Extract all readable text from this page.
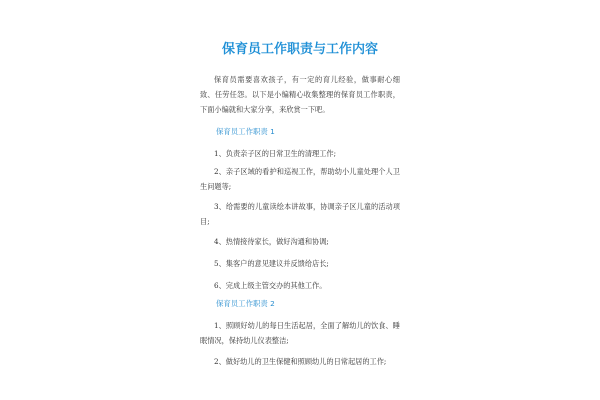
保育员工作职责与工作内容

保育员需要喜欢孩子，有一定的育儿经验，做事耐心细致、任劳任怨。以下是小编精心收集整理的保育员工作职责，下面小编就和大家分享，来欣赏一下吧。

保育员工作职责 1

1、负责亲子区的日常卫生的清理工作;

2、亲子区域的看护和巡视工作，帮助幼小儿童处理个人卫生问题等;

3、给需要的儿童读绘本讲故事，协调亲子区儿童的活动项目;

4、热情接待家长，做好沟通和协调;

5、集客户的意见建议并反馈给店长;

6、完成上级主管交办的其他工作。

保育员工作职责 2

1、照顾好幼儿的每日生活起居，全面了解幼儿的饮食、睡眠情况，保持幼儿仪表整洁;

2、做好幼儿的卫生保健和照顾幼儿的日常起居的工作;
